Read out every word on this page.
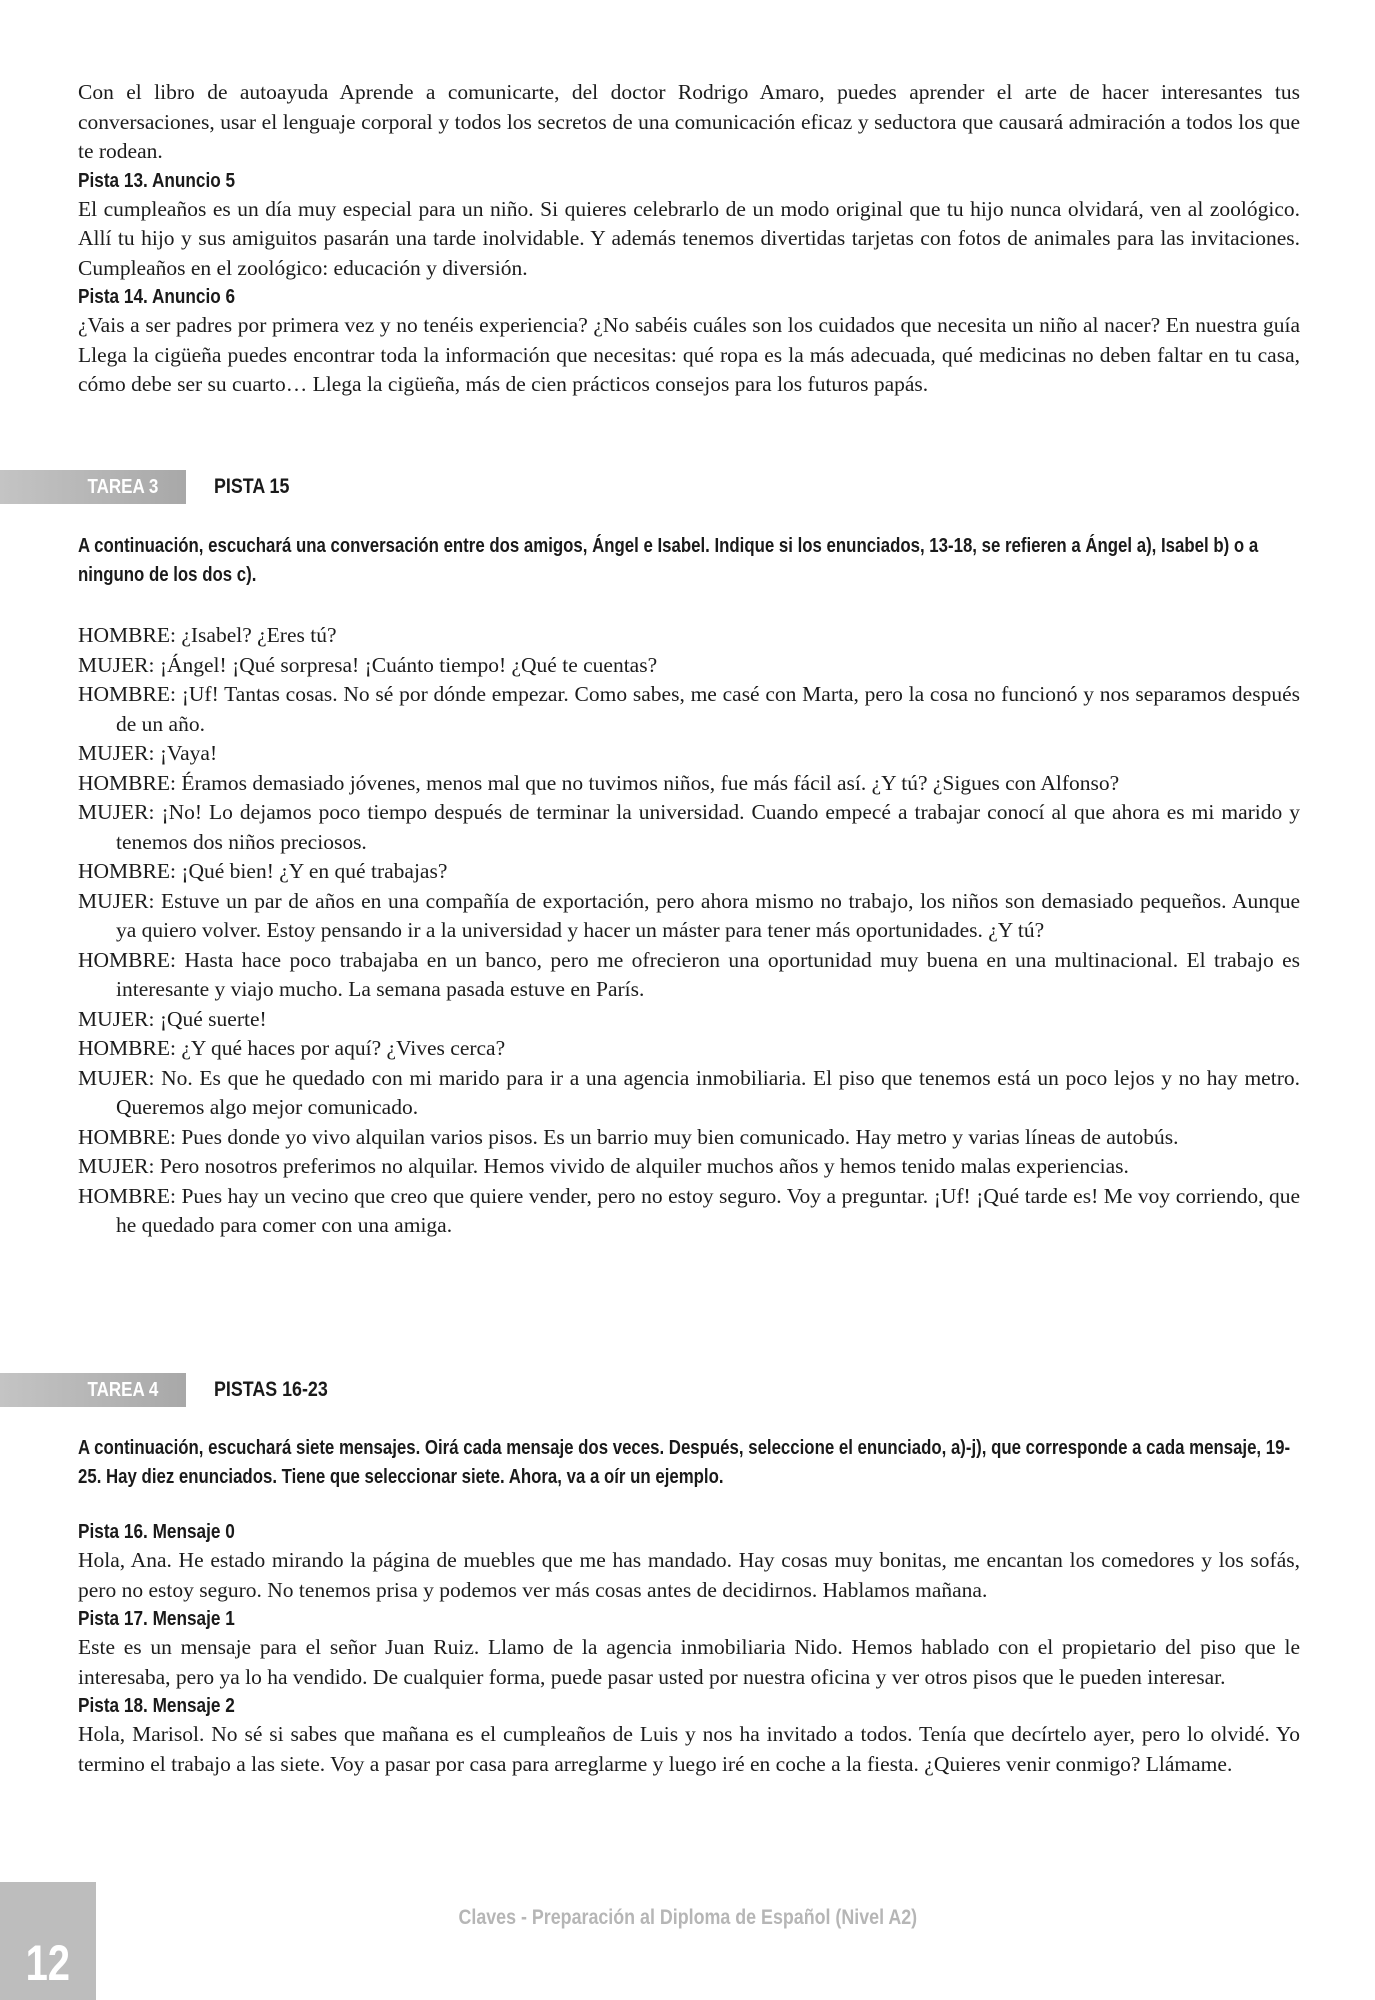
Con el libro de autoayuda Aprende a comunicarte, del doctor Rodrigo Amaro, puedes aprender el arte de hacer interesantes tus conversaciones, usar el lenguaje corporal y todos los secretos de una comunicación eficaz y seductora que causará admiración a todos los que te rodean.

Pista 13. Anuncio 5

El cumpleaños es un día muy especial para un niño. Si quieres celebrarlo de un modo original que tu hijo nunca olvidará, ven al zoológico. Allí tu hijo y sus amiguitos pasarán una tarde inolvidable. Y además tenemos divertidas tarjetas con fotos de animales para las invitaciones. Cumpleaños en el zoológico: educación y diversión.

Pista 14. Anuncio 6

¿Vais a ser padres por primera vez y no tenéis experiencia? ¿No sabéis cuáles son los cuidados que necesita un niño al nacer? En nuestra guía Llega la cigüeña puedes encontrar toda la información que necesitas: qué ropa es la más adecuada, qué medicinas no deben faltar en tu casa, cómo debe ser su cuarto… Llega la cigüeña, más de cien prácticos consejos para los futuros papás.

TAREA 3	PISTA 15
A continuación, escuchará una conversación entre dos amigos, Ángel e Isabel. Indique si los enunciados, 13-18, se refieren a Ángel a), Isabel b) o a ninguno de los dos c).

HOMBRE: ¿Isabel? ¿Eres tú?

MUJER: ¡Ángel! ¡Qué sorpresa! ¡Cuánto tiempo! ¿Qué te cuentas?

HOMBRE: ¡Uf! Tantas cosas. No sé por dónde empezar. Como sabes, me casé con Marta, pero la cosa no funcionó y nos separamos después de un año.

MUJER: ¡Vaya!

HOMBRE: Éramos demasiado jóvenes, menos mal que no tuvimos niños, fue más fácil así. ¿Y tú? ¿Sigues con Alfonso?

MUJER: ¡No! Lo dejamos poco tiempo después de terminar la universidad. Cuando empecé a trabajar conocí al que ahora es mi marido y tenemos dos niños preciosos.

HOMBRE: ¡Qué bien! ¿Y en qué trabajas?

MUJER: Estuve un par de años en una compañía de exportación, pero ahora mismo no trabajo, los niños son demasiado pequeños. Aunque ya quiero volver. Estoy pensando ir a la universidad y hacer un máster para tener más oportunidades. ¿Y tú?

HOMBRE: Hasta hace poco trabajaba en un banco, pero me ofrecieron una oportunidad muy buena en una multinacional. El trabajo es interesante y viajo mucho. La semana pasada estuve en París.

MUJER: ¡Qué suerte!

HOMBRE: ¿Y qué haces por aquí? ¿Vives cerca?

MUJER: No. Es que he quedado con mi marido para ir a una agencia inmobiliaria. El piso que tenemos está un poco lejos y no hay metro. Queremos algo mejor comunicado.

HOMBRE: Pues donde yo vivo alquilan varios pisos. Es un barrio muy bien comunicado. Hay metro y varias líneas de autobús.

MUJER: Pero nosotros preferimos no alquilar. Hemos vivido de alquiler muchos años y hemos tenido malas experiencias.

HOMBRE: Pues hay un vecino que creo que quiere vender, pero no estoy seguro. Voy a preguntar. ¡Uf! ¡Qué tarde es! Me voy corriendo, que he quedado para comer con una amiga.

TAREA 4	PISTAS 16-23
A continuación, escuchará siete mensajes. Oirá cada mensaje dos veces. Después, seleccione el enunciado, a)-j), que corresponde a cada mensaje, 19-25. Hay diez enunciados. Tiene que seleccionar siete. Ahora, va a oír un ejemplo.
Pista 16. Mensaje 0

Hola, Ana. He estado mirando la página de muebles que me has mandado. Hay cosas muy bonitas, me encantan los comedores y los sofás, pero no estoy seguro. No tenemos prisa y podemos ver más cosas antes de decidirnos. Hablamos mañana.

Pista 17. Mensaje 1

Este es un mensaje para el señor Juan Ruiz. Llamo de la agencia inmobiliaria Nido. Hemos hablado con el propietario del piso que le interesaba, pero ya lo ha vendido. De cualquier forma, puede pasar usted por nuestra oficina y ver otros pisos que le pueden interesar.

Pista 18. Mensaje 2

Hola, Marisol. No sé si sabes que mañana es el cumpleaños de Luis y nos ha invitado a todos. Tenía que decírtelo ayer, pero lo olvidé. Yo termino el trabajo a las siete. Voy a pasar por casa para arreglarme y luego iré en coche a la fiesta. ¿Quieres venir conmigo? Llámame.

12
Claves - Preparación al Diploma de Español (Nivel A2)
